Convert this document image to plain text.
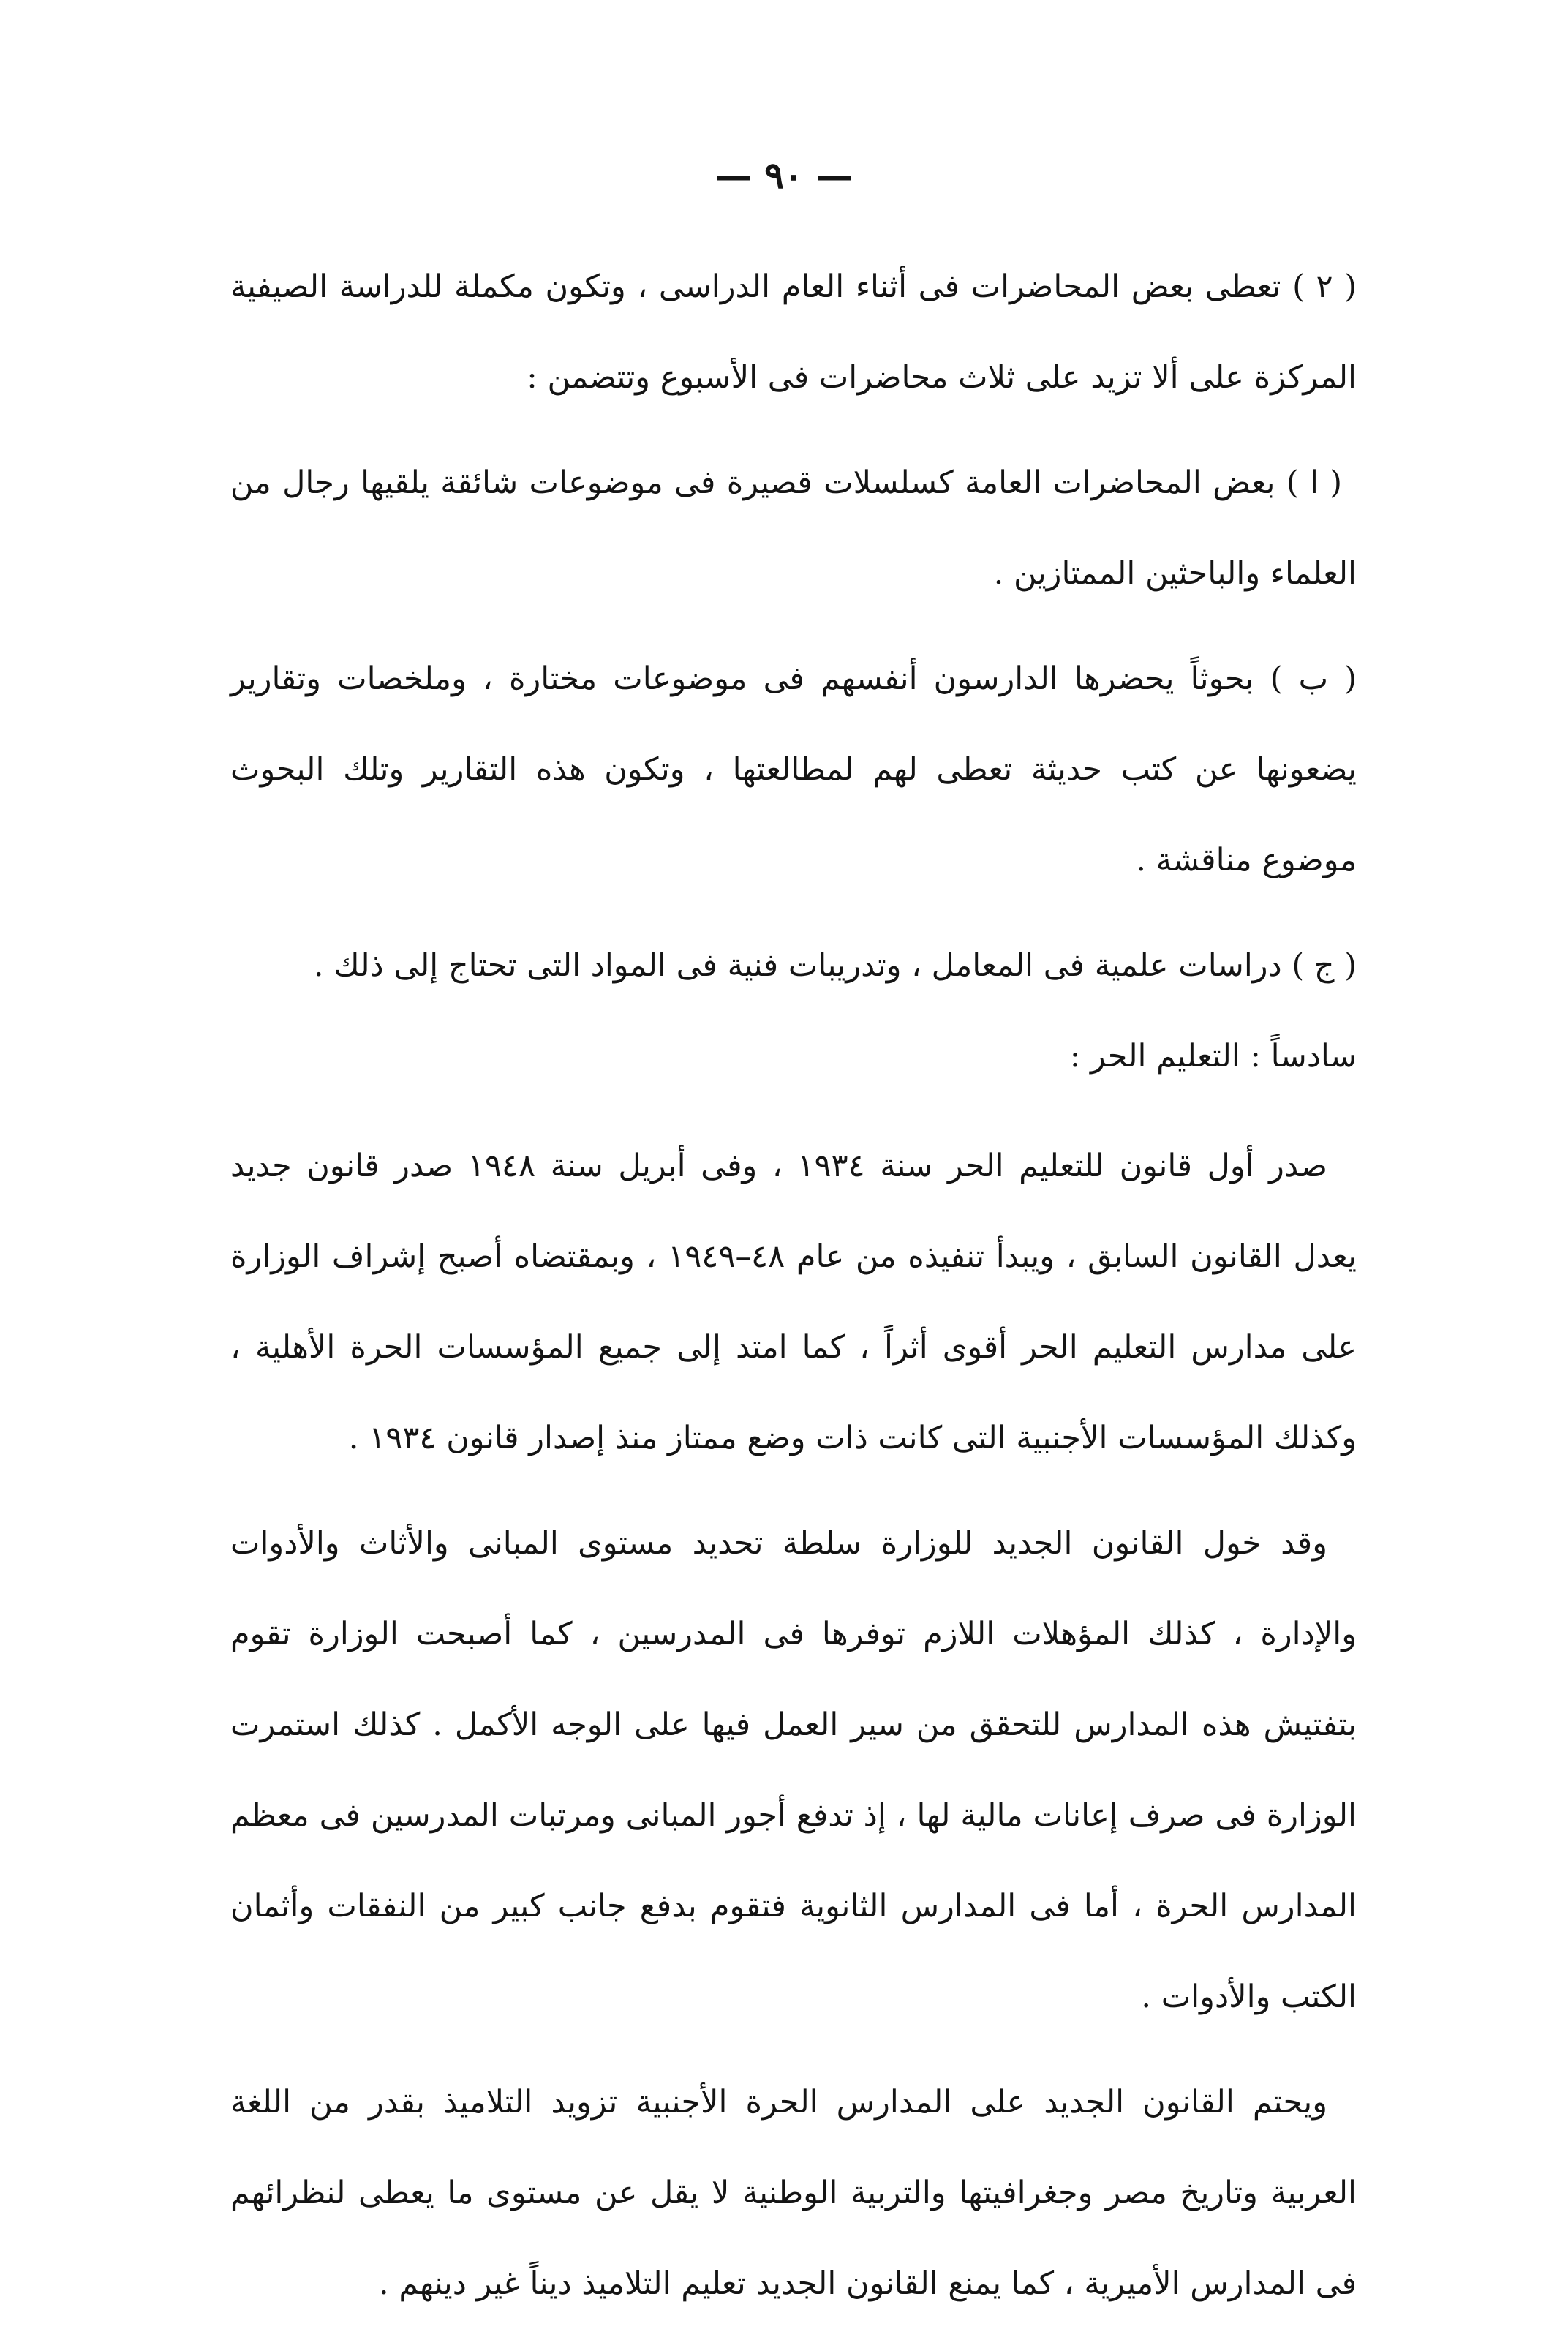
— ٩٠ —

( ٢ ) تعطى بعض المحاضرات فى أثناء العام الدراسى ، وتكون مكملة للدراسة الصيفية المركزة على ألا تزيد على ثلاث محاضرات فى الأسبوع وتتضمن :

( ا ) بعض المحاضرات العامة كسلسلات قصيرة فى موضوعات شائقة يلقيها رجال من العلماء والباحثين الممتازين .

( ب ) بحوثاً يحضرها الدارسون أنفسهم فى موضوعات مختارة ، وملخصات وتقارير يضعونها عن كتب حديثة تعطى لهم لمطالعتها ، وتكون هذه التقارير وتلك البحوث موضوع مناقشة .

( ج ) دراسات علمية فى المعامل ، وتدريبات فنية فى المواد التى تحتاج إلى ذلك .

سادساً : التعليم الحر :

صدر أول قانون للتعليم الحر سنة ١٩٣٤ ، وفى أبريل سنة ١٩٤٨ صدر قانون جديد يعدل القانون السابق ، ويبدأ تنفيذه من عام ٤٨–١٩٤٩ ، وبمقتضاه أصبح إشراف الوزارة على مدارس التعليم الحر أقوى أثراً ، كما امتد إلى جميع المؤسسات الحرة الأهلية ، وكذلك المؤسسات الأجنبية التى كانت ذات وضع ممتاز منذ إصدار قانون ١٩٣٤ .

وقد خول القانون الجديد للوزارة سلطة تحديد مستوى المبانى والأثاث والأدوات والإدارة ، كذلك المؤهلات اللازم توفرها فى المدرسين ، كما أصبحت الوزارة تقوم بتفتيش هذه المدارس للتحقق من سير العمل فيها على الوجه الأكمل . كذلك استمرت الوزارة فى صرف إعانات مالية لها ، إذ تدفع أجور المبانى ومرتبات المدرسين فى معظم المدارس الحرة ، أما فى المدارس الثانوية فتقوم بدفع جانب كبير من النفقات وأثمان الكتب والأدوات .

ويحتم القانون الجديد على المدارس الحرة الأجنبية تزويد التلاميذ بقدر من اللغة العربية وتاريخ مصر وجغرافيتها والتربية الوطنية لا يقل عن مستوى ما يعطى لنظرائهم فى المدارس الأميرية ، كما يمنع القانون الجديد تعليم التلاميذ ديناً غير دينهم .
